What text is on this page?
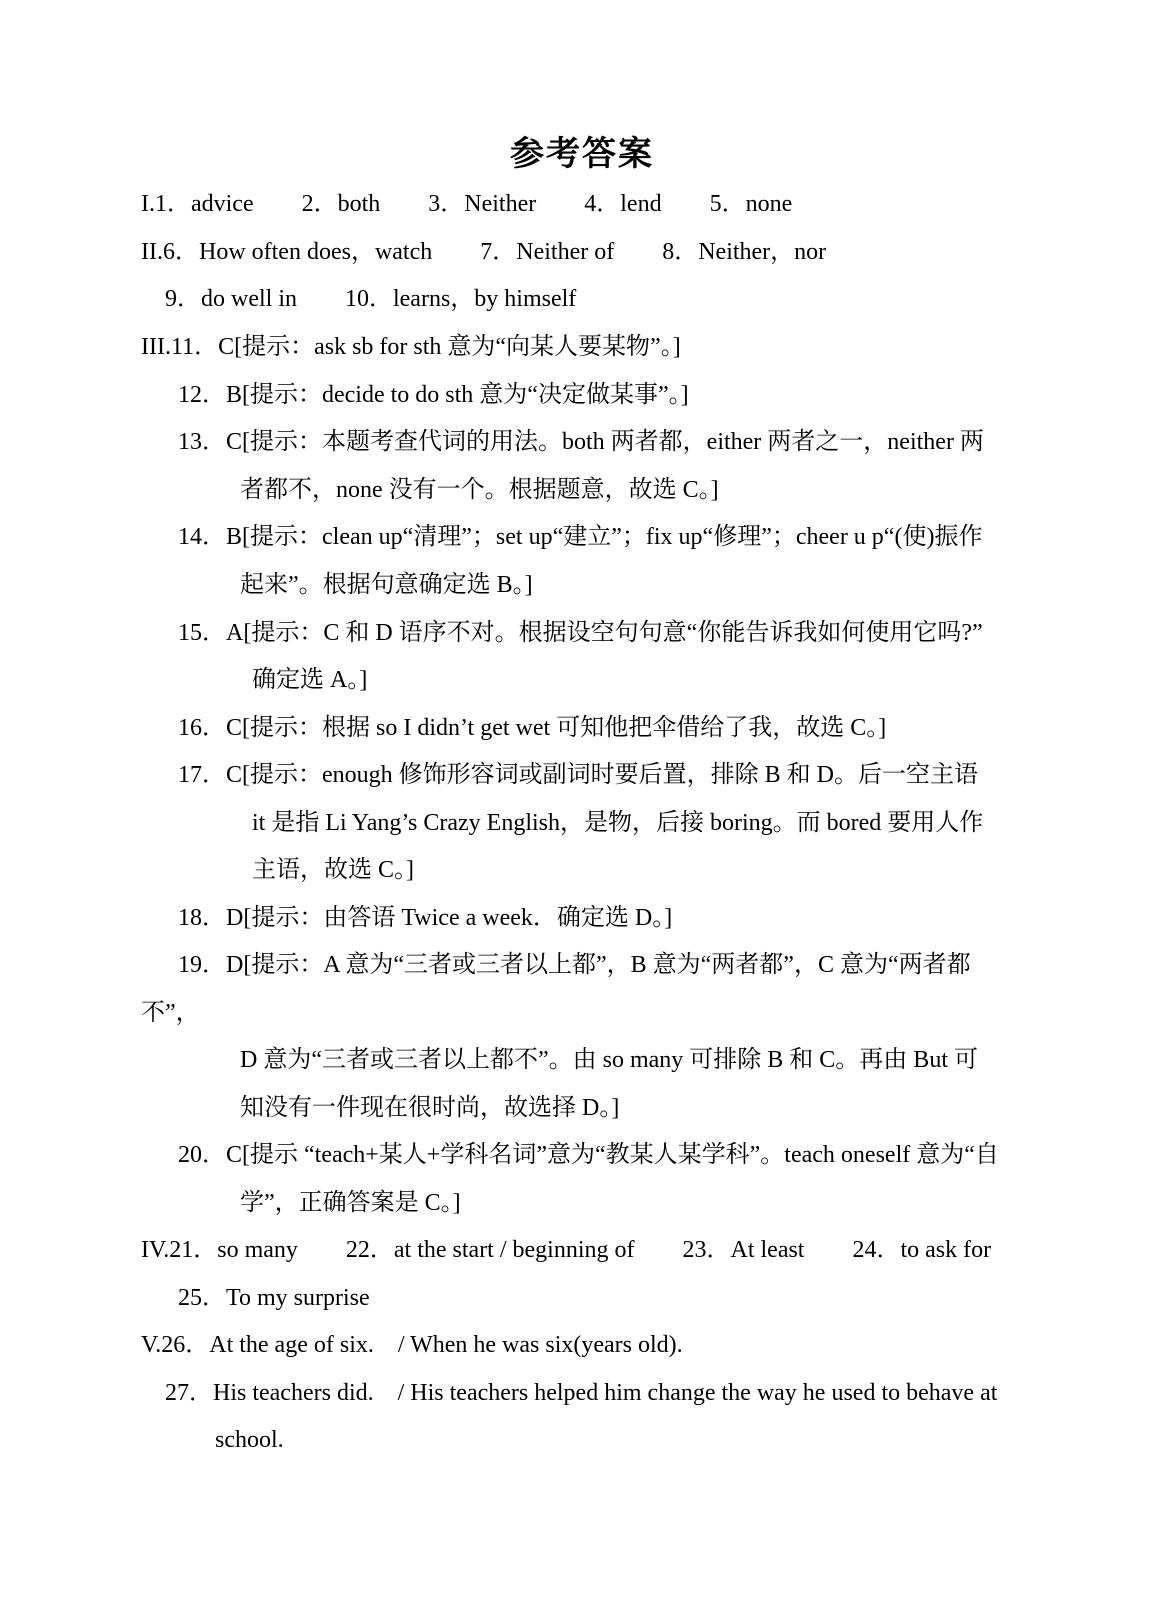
参考答案
I.1．advice　　2．both　　3．Neither　　4．lend　　5．none
II.6．How often does，watch　　7．Neither of　　8．Neither，nor
9．do well in　　10．learns，by himself
III.11．C[提示：ask sb for sth 意为“向某人要某物”。]
12．B[提示：decide to do sth 意为“决定做某事”。]
13．C[提示：本题考查代词的用法。both 两者都，either 两者之一，neither 两
者都不，none 没有一个。根据题意，故选 C。]
14．B[提示：clean up“清理”；set up“建立”；fix up“修理”；cheer u p“(使)振作
起来”。根据句意确定选 B。]
15．A[提示：C 和 D 语序不对。根据设空句句意“你能告诉我如何使用它吗?”
确定选 A。]
16．C[提示：根据 so I didn’t get wet 可知他把伞借给了我，故选 C。]
17．C[提示：enough 修饰形容词或副词时要后置，排除 B 和 D。后一空主语
it 是指 Li Yang’s Crazy English，是物，后接 boring。而 bored 要用人作
主语，故选 C。]
18．D[提示：由答语 Twice a week．确定选 D。]
19．D[提示：A 意为“三者或三者以上都”，B 意为“两者都”，C 意为“两者都
不”，
D 意为“三者或三者以上都不”。由 so many 可排除 B 和 C。再由 But 可
知没有一件现在很时尚，故选择 D。]
20．C[提示 “teach+某人+学科名词”意为“教某人某学科”。teach oneself 意为“自
学”，正确答案是 C。]
IV.21．so many　　22．at the start / beginning of　　23．At least　　24．to ask for
25．To my surprise
V.26．At the age of six.　/ When he was six(years old).
27．His teachers did.　/ His teachers helped him change the way he used to behave at
school.
